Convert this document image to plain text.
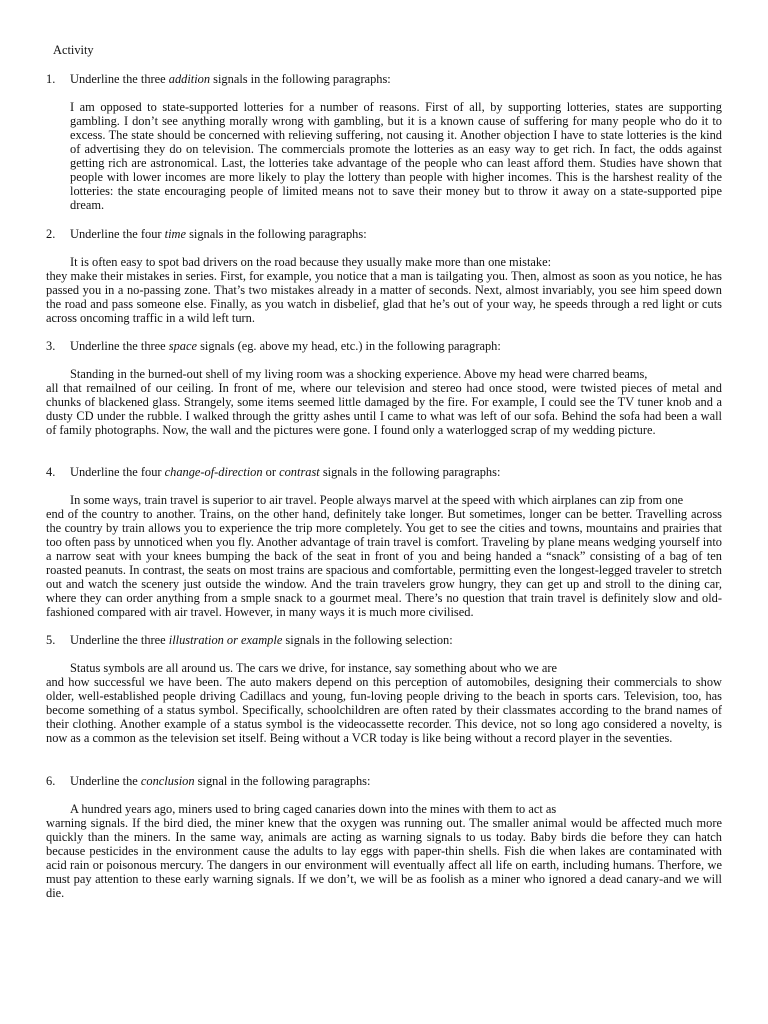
Activity
1. Underline the three addition signals in the following paragraphs:
I am opposed to state-supported lotteries for a number of reasons. First of all, by supporting lotteries, states are supporting gambling. I don’t see anything morally wrong with gambling, but it is a known cause of suffering for many people who do it to excess. The state should be concerned with relieving suffering, not causing it. Another objection I have to state lotteries is the kind of advertising they do on television. The commercials promote the lotteries as an easy way to get rich. In fact, the odds against getting rich are astronomical. Last, the lotteries take advantage of the people who can least afford them. Studies have shown that people with lower incomes are more likely to play the lottery than people with higher incomes. This is the harshest reality of the lotteries: the state encouraging people of limited means not to save their money but to throw it away on a state-supported pipe dream.
2. Underline the four time signals in the following paragraphs:
It is often easy to spot bad drivers on the road because they usually make more than one mistake:
they make their mistakes in series. First, for example, you notice that a man is tailgating you. Then, almost as soon as you notice, he has passed you in a no-passing zone. That’s two mistakes already in a matter of seconds. Next, almost invariably, you see him speed down the road and pass someone else. Finally, as you watch in disbelief, glad that he’s out of your way, he speeds through a red light or cuts across oncoming traffic in a wild left turn.
3. Underline the three space signals (eg. above my head, etc.) in the following paragraph:
Standing in the burned-out shell of my living room was a shocking experience. Above my head were charred beams,
all that remailned of our ceiling. In front of me, where our television and stereo had once stood, were twisted pieces of metal and chunks of blackened glass. Strangely, some items seemed little damaged by the fire. For example, I could see the TV tuner knob and a dusty CD under the rubble. I walked through the gritty ashes until I came to what was left of our sofa. Behind the sofa had been a wall of family photographs. Now, the wall and the pictures were gone. I found only a waterlogged scrap of my wedding picture.
4. Underline the four change-of-direction or contrast signals in the following paragraphs:
In some ways, train travel is superior to air travel. People always marvel at the speed with which airplanes can zip from one
end of the country to another. Trains, on the other hand, definitely take longer. But sometimes, longer can be better. Travelling across the country by train allows you to experience the trip more completely. You get to see the cities and towns, mountains and prairies that too often pass by unnoticed when you fly. Another advantage of train travel is comfort. Traveling by plane means wedging yourself into a narrow seat with your knees bumping the back of the seat in front of you and being handed a “snack” consisting of a bag of ten roasted peanuts. In contrast, the seats on most trains are spacious and comfortable, permitting even the longest-legged traveler to stretch out and watch the scenery just outside the window. And the train travelers grow hungry, they can get up and stroll to the dining car, where they can order anything from a smple snack to a gourmet meal. There’s no question that train travel is definitely slow and old-fashioned compared with air travel. However, in many ways it is much more civilised.
5. Underline the three illustration or example signals in the following selection:
Status symbols are all around us. The cars we drive, for instance, say something about who we are
and how successful we have been. The auto makers depend on this perception of automobiles, designing their commercials to show older, well-established people driving Cadillacs and young, fun-loving people driving to the beach in sports cars. Television, too, has become something of a status symbol. Specifically, schoolchildren are often rated by their classmates according to the brand names of their clothing. Another example of a status symbol is the videocassette recorder. This device, not so long ago considered a novelty, is now as a common as the television set itself. Being without a VCR today is like being without a record player in the seventies.
6. Underline the conclusion signal in the following paragraphs:
A hundred years ago, miners used to bring caged canaries down into the mines with them to act as
warning signals. If the bird died, the miner knew that the oxygen was running out. The smaller animal would be affected much more quickly than the miners. In the same way, animals are acting as warning signals to us today. Baby birds die before they can hatch because pesticides in the environment cause the adults to lay eggs with paper-thin shells. Fish die when lakes are contaminated with acid rain or poisonous mercury. The dangers in our environment will eventually affect all life on earth, including humans. Therfore, we must pay attention to these early warning signals. If we don’t, we will be as foolish as a miner who ignored a dead canary-and we will die.
